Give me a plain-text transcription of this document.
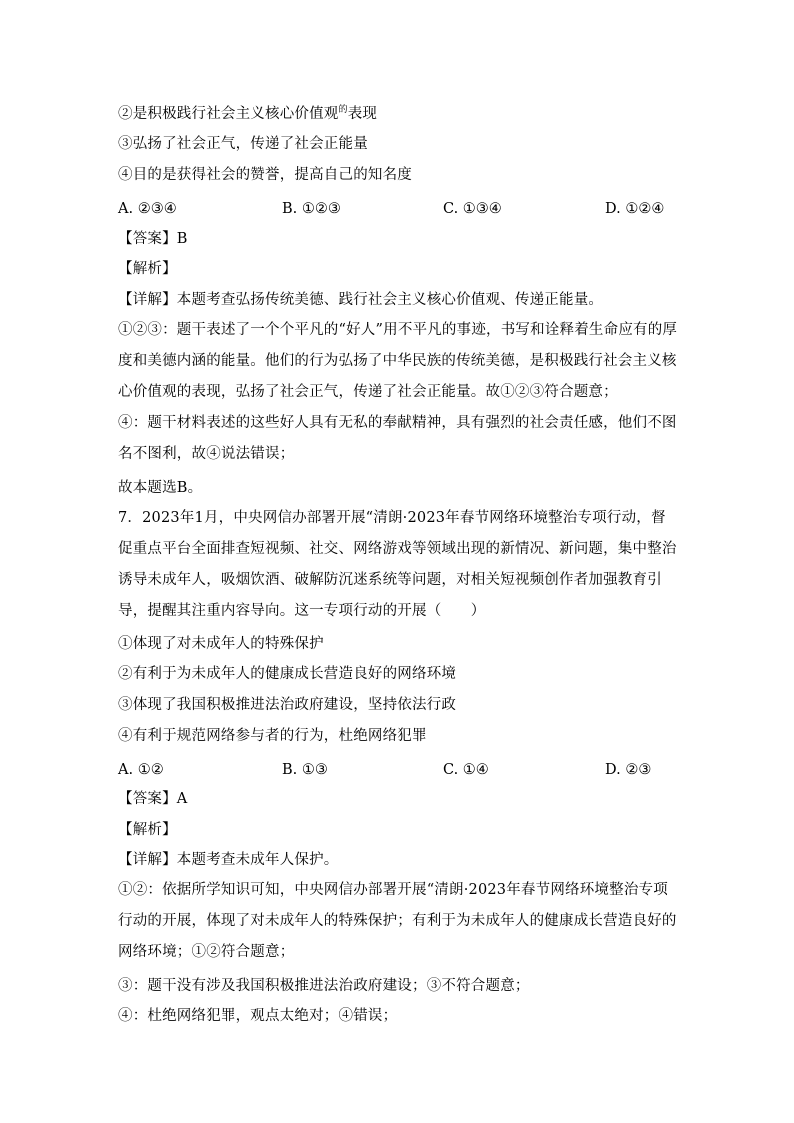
②是积极践行社会主义核心价值观$^的$表现
③弘扬了社会正气，传递了社会正能量
④目的是获得社会的赞誉，提高自己的知名度
A. ②③④	B. ①②③	C. ①③④	D. ①②④
【答案】B
【解析】
【详解】本题考查弘扬传统美德、践行社会主义核心价值观、传递正能量。
①②③：题干表述了一个个平凡的“好人”用不平凡的事迹，书写和诠释着生命应有的厚度和美德内涵的能量。他们的行为弘扬了中华民族的传统美德，是积极践行社会主义核心价值观的表现，弘扬了社会正气，传递了社会正能量。故①②③符合题意；
④：题干材料表述的这些好人具有无私的奉献精神，具有强烈的社会责任感，他们不图名不图利，故④说法错误；
故本题选B。
7．2023年1月，中央网信办部署开展“清朗·2023年春节网络环境整治专项行动，督促重点平台全面排查短视频、社交、网络游戏等领域出现的新情况、新问题，集中整治诱导未成年人，吸烟饮酒、破解防沉迷系统等问题，对相关短视频创作者加强教育引导，提醒其注重内容导向。这一专项行动的开展（　　）
①体现了对未成年人的特殊保护
②有利于为未成年人的健康成长营造良好的网络环境
③体现了我国积极推进法治政府建设，坚持依法行政
④有利于规范网络参与者的行为，杜绝网络犯罪
A. ①②	B. ①③	C. ①④	D. ②③
【答案】A
【解析】
【详解】本题考查未成年人保护。
①②：依据所学知识可知，中央网信办部署开展“清朗·2023年春节网络环境整治专项行动的开展，体现了对未成年人的特殊保护；有利于为未成年人的健康成长营造良好的网络环境；①②符合题意；
③：题干没有涉及我国积极推进法治政府建设；③不符合题意；
④：杜绝网络犯罪，观点太绝对；④错误；
